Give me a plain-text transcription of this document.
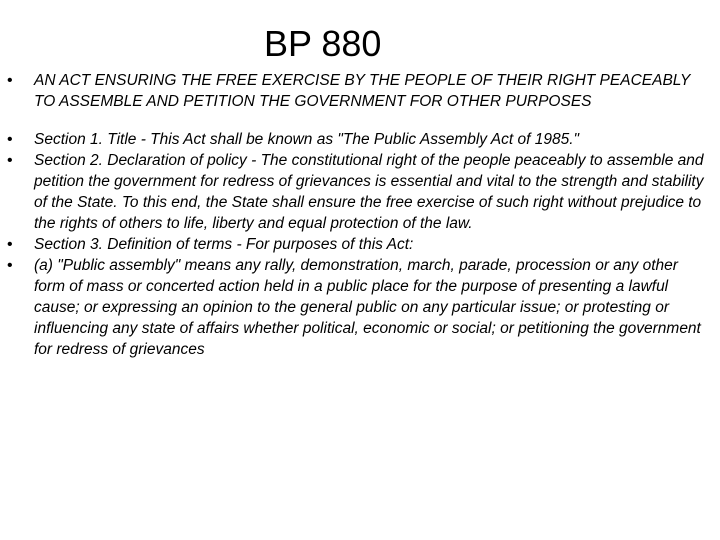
BP 880
• AN ACT ENSURING THE FREE EXERCISE BY THE PEOPLE OF THEIR RIGHT PEACEABLY TO ASSEMBLE AND PETITION THE GOVERNMENT FOR OTHER PURPOSES
• Section 1. Title - This Act shall be known as "The Public Assembly Act of 1985."
• Section 2. Declaration of policy - The constitutional right of the people peaceably to assemble and petition the government for redress of grievances is essential and vital to the strength and stability of the State. To this end, the State shall ensure the free exercise of such right without prejudice to the rights of others to life, liberty and equal protection of the law.
• Section 3. Definition of terms - For purposes of this Act:
• (a) "Public assembly" means any rally, demonstration, march, parade, procession or any other form of mass or concerted action held in a public place for the purpose of presenting a lawful cause; or expressing an opinion to the general public on any particular issue; or protesting or influencing any state of affairs whether political, economic or social; or petitioning the government for redress of grievances
